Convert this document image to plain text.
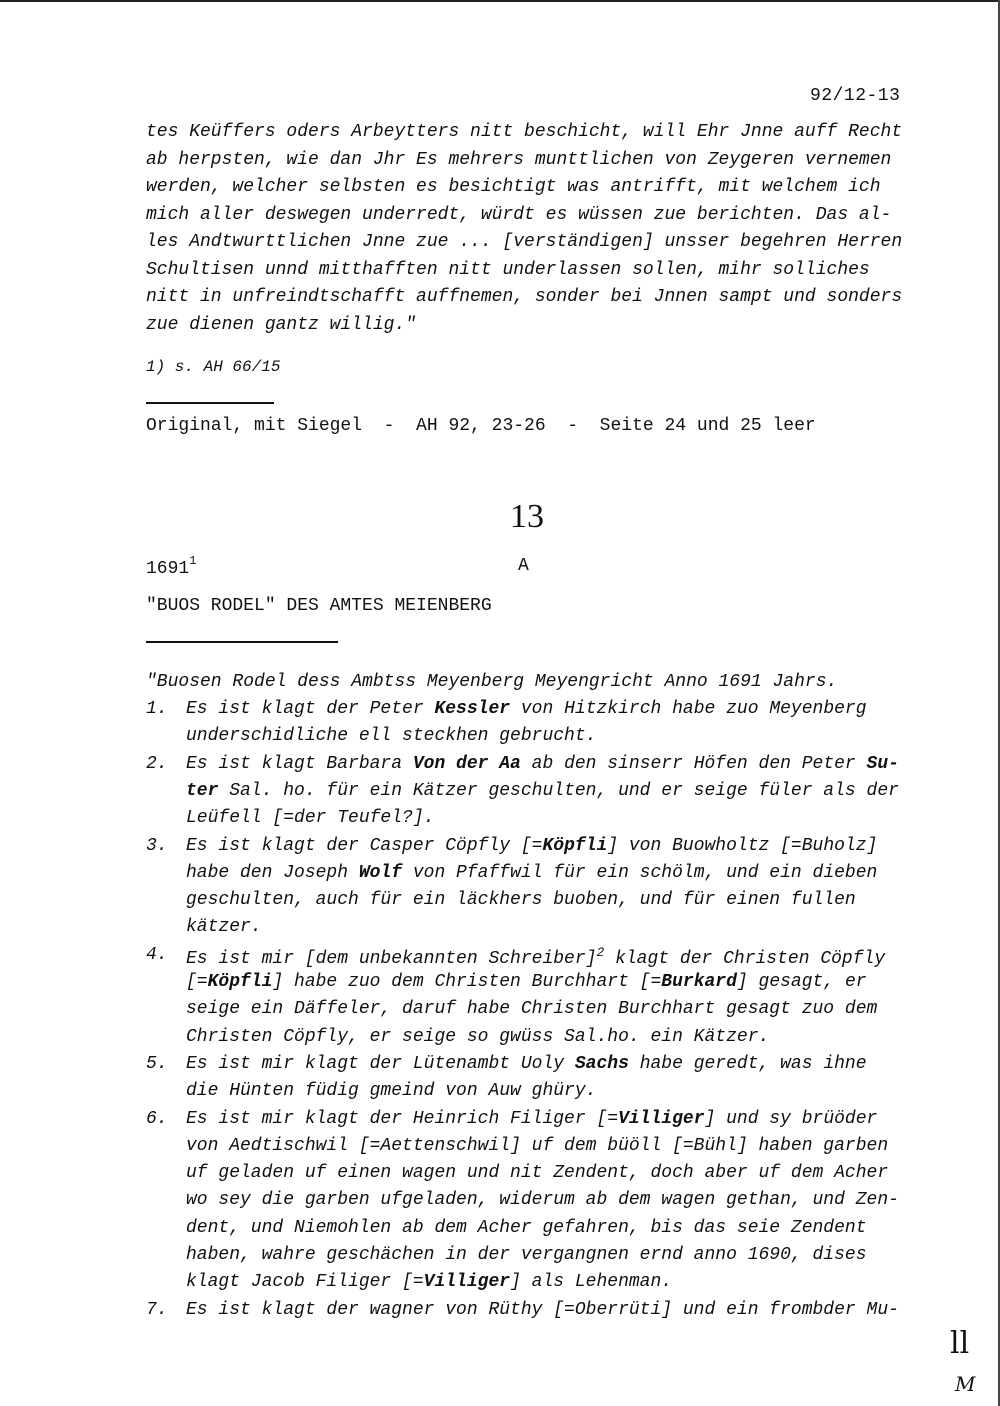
92/12-13
tes Keüffers oders Arbeytters nitt beschicht, will Ehr Jnne auff Recht
ab herpsten, wie dan Jhr Es mehrers munttlichen von Zeygeren vernemen
werden, welcher selbsten es besichtigt was antrifft, mit welchem ich
mich aller deswegen underredt, würdt es wüssen zue berichten. Das al-
les Andtwurttlichen Jnne zue ... [verständigen] unsser begehren Herren
Schultisen unnd mitthafften nitt underlassen sollen, mihr solliches
nitt in unfreindtschafft auffnemen, sonder bei Jnnen sampt und sonders
zue dienen gantz willig."
1) s. AH 66/15
Original, mit Siegel  -  AH 92, 23-26  -  Seite 24 und 25 leer
13
1691$^1$	A
"BUOS RODEL" DES AMTES MEIENBERG
"Buosen Rodel dess Ambtss Meyenberg Meyengricht Anno 1691 Jahrs.
1. Es ist klagt der Peter Kessler von Hitzkirch habe zuo Meyenberg
underschidliche ell steckhen gebrucht.
2. Es ist klagt Barbara Von der Aa ab den sinserr Höfen den Peter Su-
ter Sal. ho. für ein Kätzer geschulten, und er seige füler als der
Leüfell [=der Teufel?].
3. Es ist klagt der Casper Cöpfly [=Köpfli] von Buowholtz [=Buholz]
habe den Joseph Wolf von Pfaffwil für ein schölm, und ein dieben
geschulten, auch für ein läckhers buoben, und für einen fullen
kätzer.
4. Es ist mir [dem unbekannten Schreiber]$^2$ klagt der Christen Cöpfly
[=Köpfli] habe zuo dem Christen Burchhart [=Burkard] gesagt, er
seige ein Däffeler, daruf habe Christen Burchhart gesagt zuo dem
Christen Cöpfly, er seige so gwüss Sal.ho. ein Kätzer.
5. Es ist mir klagt der Lütenambt Uoly Sachs habe geredt, was ihne
die Hünten füdig gmeind von Auw ghüry.
6. Es ist mir klagt der Heinrich Filiger [=Villiger] und sy brüöder
von Aedtischwil [=Aettenschwil] uf dem büöll [=Bühl] haben garben
uf geladen uf einen wagen und nit Zendent, doch aber uf dem Acher
wo sey die garben ufgeladen, widerum ab dem wagen gethan, und Zen-
dent, und Niemohlen ab dem Acher gefahren, bis das seie Zendent
haben, wahre geschächen in der vergangnen ernd anno 1690, dises
klagt Jacob Filiger [=Villiger] als Lehenman.
7. Es ist klagt der wagner von Rüthy [=Oberrüti] und ein frombder Mu-
ll
M
